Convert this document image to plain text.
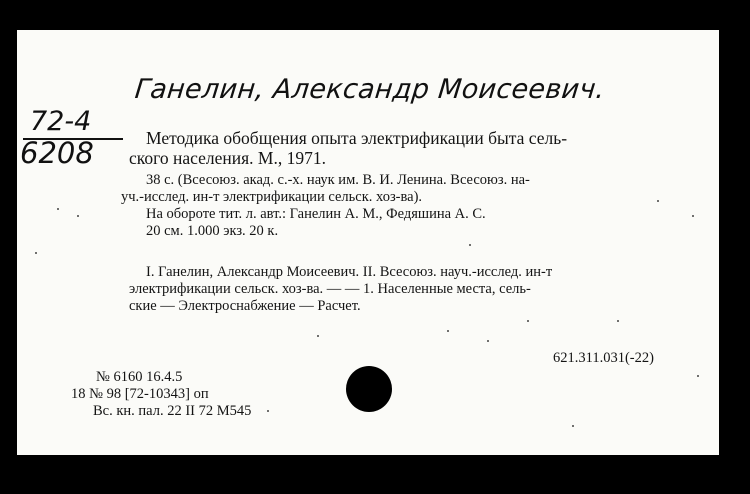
Ганелин, Александр Моисеевич.
72-4
6208	Методика обобщения опыта электрификации быта сель-
ского населения. М., 1971.
38 с. (Всесоюз. акад. с.-х. наук им. В. И. Ленина. Всесоюз. на-
уч.-исслед. ин-т электрификации сельск. хоз-ва).
На обороте тит. л. авт.: Ганелин А. М., Федяшина А. С.
20 см. 1.000 экз. 20 к.
I. Ганелин, Александр Моисеевич. II. Всесоюз. науч.-исслед. ин-т
электрификации сельск. хоз-ва. — — 1. Населенные места, сель-
ские — Электроснабжение — Расчет.
621.311.031(-22)
№ 6160 16.4.5
18 № 98 [72-10343] оп
Вс. кн. пал. 22 II 72 М545
